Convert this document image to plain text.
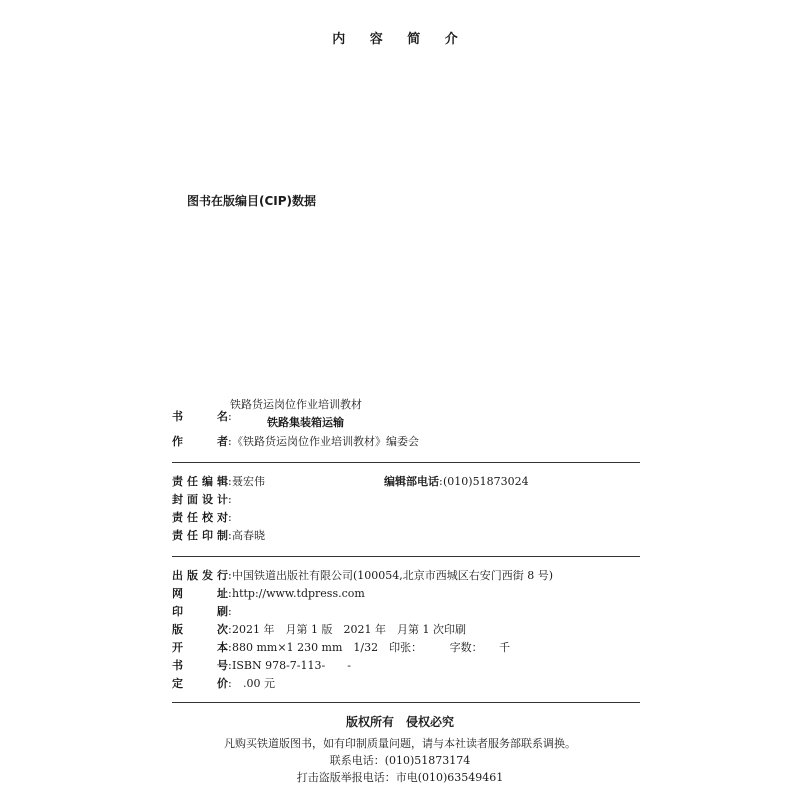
内 容 简 介
图书在版编目(CIP)数据
铁路货运岗位作业培训教材
书　　名:	铁路集装箱运输
作　　者:《铁路货运岗位作业培训教材》编委会
责任编辑:聂宏伟	编辑部电话:(010)51873024
封面设计:
责任校对:
责任印制:高春晓
出版发行:中国铁道出版社有限公司(100054,北京市西城区右安门西街 8 号)
网　　址:http://www.tdpress.com
印　　刷:
版　　次:2021 年　月第 1 版　2021 年　月第 1 次印刷
开　　本:880 mm×1 230 mm　1/32　印张：　　　字数：　　千
书　　号:ISBN 978-7-113-　　-
定　　价:　.00 元
版权所有　侵权必究
凡购买铁道版图书，如有印制质量问题，请与本社读者服务部联系调换。
联系电话：(010)51873174
打击盗版举报电话：市电(010)63549461
